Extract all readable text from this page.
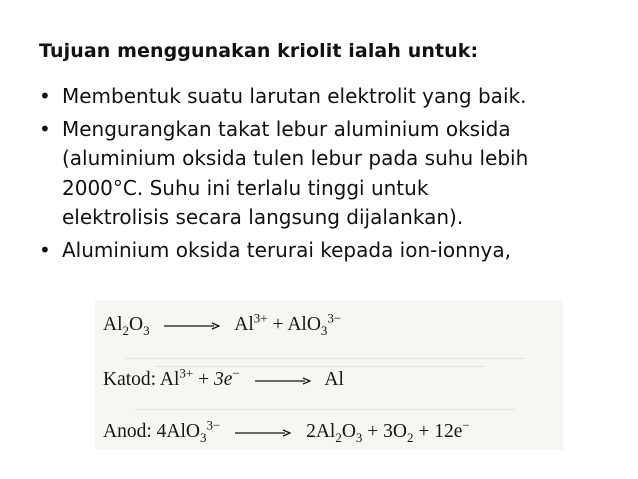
Tujuan menggunakan kriolit ialah untuk:
• Membentuk suatu larutan elektrolit yang baik.
• Mengurangkan takat lebur aluminium oksida
(aluminium oksida tulen lebur pada suhu lebih
2000°C. Suhu ini terlalu tinggi untuk
elektrolisis secara langsung dijalankan).
• Aluminium oksida terurai kepada ion-ionnya,
$Al_2O_3 \to Al^{3+} + AlO_3^{3-}$
Katod: $Al^{3+} + 3e^- \to Al$
Anod: $4AlO_3^{3-} \to 2Al_2O_3 + 3O_2 + 12e^-$
